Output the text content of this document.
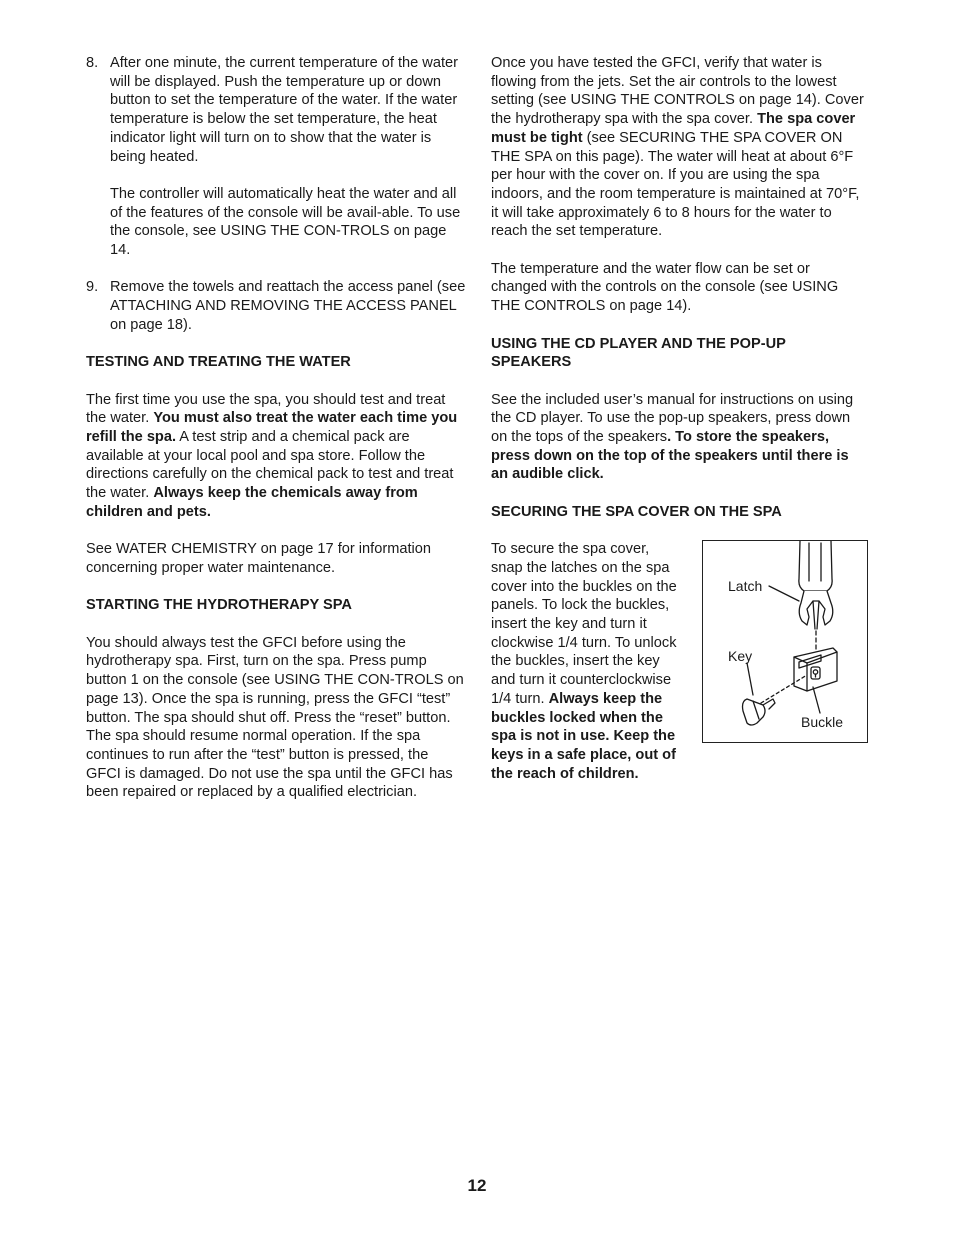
8. After one minute, the current temperature of the water will be displayed. Push the temperature up or down button to set the temperature of the water. If the water temperature is below the set temperature, the heat indicator light will turn on to show that the water is being heated.

The controller will automatically heat the water and all of the features of the console will be avail-able. To use the console, see USING THE CON-TROLS on page 14.

9. Remove the towels and reattach the access panel (see ATTACHING AND REMOVING THE ACCESS PANEL on page 18).

TESTING AND TREATING THE WATER

The first time you use the spa, you should test and treat the water. You must also treat the water each time you refill the spa. A test strip and a chemical pack are available at your local pool and spa store. Follow the directions carefully on the chemical pack to test and treat the water. Always keep the chemicals away from children and pets.

See WATER CHEMISTRY on page 17 for information concerning proper water maintenance.

STARTING THE HYDROTHERAPY SPA

You should always test the GFCI before using the hydrotherapy spa. First, turn on the spa. Press pump button 1 on the console (see USING THE CON-TROLS on page 13). Once the spa is running, press the GFCI “test” button. The spa should shut off. Press the “reset” button. The spa should resume normal operation. If the spa continues to run after the “test” button is pressed, the GFCI is damaged. Do not use the spa until the GFCI has been repaired or replaced by a qualified electrician.

Once you have tested the GFCI, verify that water is flowing from the jets. Set the air controls to the lowest setting (see USING THE CONTROLS on page 14). Cover the hydrotherapy spa with the spa cover. The spa cover must be tight (see SECURING THE SPA COVER ON THE SPA on this page). The water will heat at about 6°F per hour with the cover on. If you are using the spa indoors, and the room temperature is maintained at 70°F, it will take approximately 6 to 8 hours for the water to reach the set temperature.

The temperature and the water flow can be set or changed with the controls on the console (see USING THE CONTROLS on page 14).

USING THE CD PLAYER AND THE POP-UP SPEAKERS

See the included user’s manual for instructions on using the CD player. To use the pop-up speakers, press down on the tops of the speakers. To store the speakers, press down on the top of the speakers until there is an audible click.

SECURING THE SPA COVER ON THE SPA

To secure the spa cover, snap the latches on the spa cover into the buckles on the panels. To lock the buckles, insert the key and turn it clockwise 1/4 turn. To unlock the buckles, insert the key and turn it counterclockwise 1/4 turn. Always keep the buckles locked when the spa is not in use. Keep the keys in a safe place, out of the reach of children.

Latch
Key
Buckle
12
